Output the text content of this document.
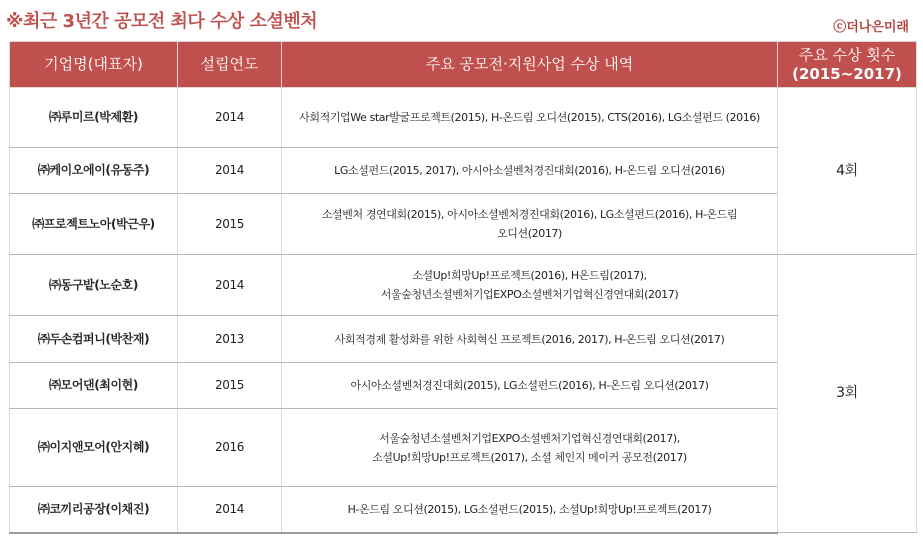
※최근 3년간 공모전 최다 수상 소셜벤처	ⓒ더나은미래
기업명(대표자)	설립연도	주요 공모전·지원사업 수상 내역	주요 수상 횟수
(2015~2017)

㈜루미르(박제환)	2014	사회적기업We star발굴프로젝트(2015), H-온드림 오디션(2015), CTS(2016), LG소셜펀드 (2016)	4회
㈜케이오에이(유동주)	2014	LG소셜펀드(2015, 2017), 아시아소셜벤처경진대회(2016), H-온드림 오디션(2016)	

㈜프로젝트노아(박근우)	2015	소셜벤처 경연대회(2015), 아시아소셜벤처경진대회(2016), LG소셜펀드(2016), H-온드림
오디션(2017)	

㈜동구밭(노순호)	2014	소셜Up!희망Up!프로젝트(2016), H온드림(2017),
서울숲청년소셜벤처기업EXPO소셜벤처기업혁신경연대회(2017)	3회
㈜두손컴퍼니(박찬재)	2013	사회적경제 활성화를 위한 사회혁신 프로젝트(2016, 2017), H-온드림 오디션(2017)	

㈜모어댄(최이현)	2015	아시아소셜벤처경진대회(2015), LG소셜펀드(2016), H-온드림 오디션(2017)	

㈜이지앤모어(안지혜)	2016	서울숲청년소셜벤처기업EXPO소셜벤처기업혁신경연대회(2017),
소셜Up!희망Up!프로젝트(2017), 소셜 체인지 메이커 공모전(2017)	

㈜코끼리공장(이채진)	2014	H-온드림 오디션(2015), LG소셜펀드(2015), 소셜Up!희망Up!프로젝트(2017)	
